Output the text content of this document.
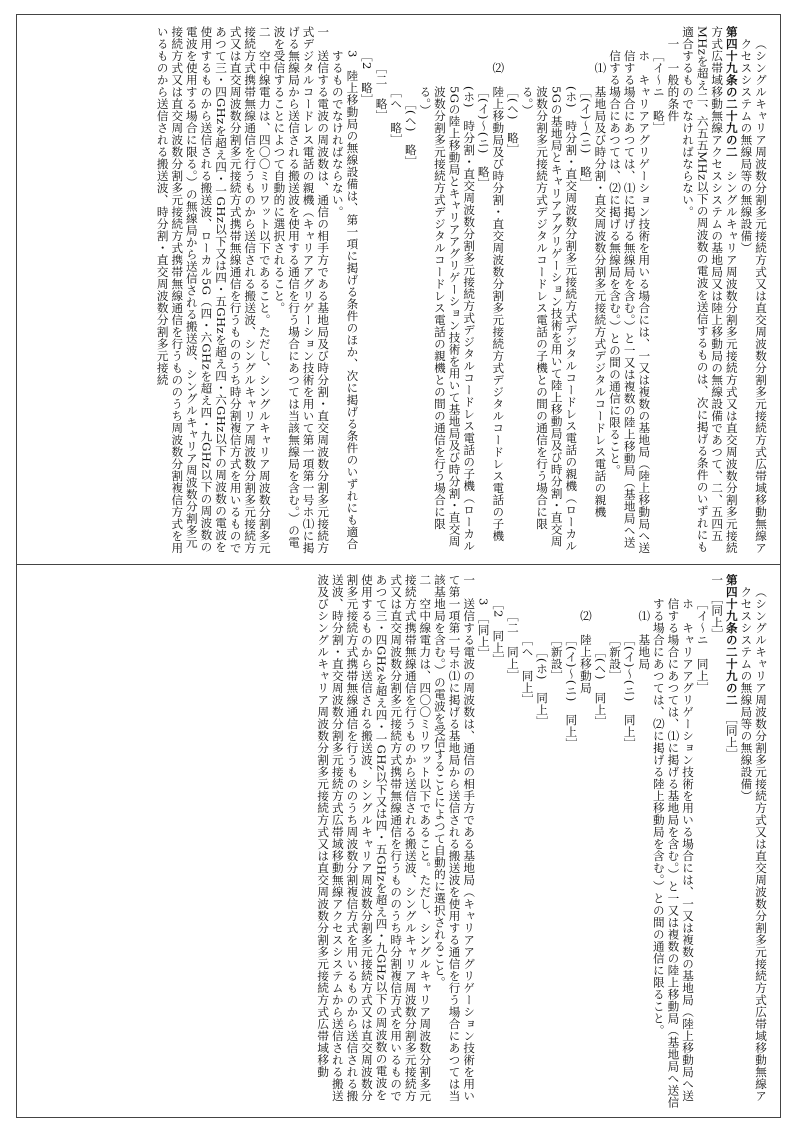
（シングルキャリア周波数分割多元接続方式又は直交周波数分割多元接続方式広帯域移動無線アクセスシステムの無線局等の無線設備）

第四十九条の二十九の二　シングルキャリア周波数分割多元接続方式又は直交周波数分割多元接続方式広帯域移動無線アクセスシステムの基地局又は陸上移動局の無線設備であつて、二、五四五MHzを超え二、六五五MHz以下の周波数の電波を送信するものは、次に掲げる条件のいずれにも適合するものでなければならない。

一　一般的条件

［イ～ニ　略］

ホ　キャリアアグリゲーション技術を用いる場合には、一又は複数の基地局（陸上移動局へ送信する場合にあつては、⑴に掲げる無線局を含む。）と一又は複数の陸上移動局（基地局へ送信する場合にあつては、⑵に掲げる無線局を含む。）との間の通信に限ること。

⑴　基地局及び時分割・直交周波数分割多元接続方式デジタルコードレス電話の親機

［(イ)～(ニ)　略］

(ホ)　時分割・直交周波数分割多元接続方式デジタルコードレス電話の親機（ローカル5Gの基地局とキャリアアグリゲーション技術を用いて陸上移動局及び時分割・直交周波数分割多元接続方式デジタルコードレス電話の子機との間の通信を行う場合に限る。）

［(ヘ)　略］

⑵　陸上移動局及び時分割・直交周波数分割多元接続方式デジタルコードレス電話の子機

［(イ)～(ニ)　略］

(ホ)　時分割・直交周波数分割多元接続方式デジタルコードレス電話の子機（ローカル5Gの陸上移動局とキャリアアグリゲーション技術を用いて基地局及び時分割・直交周波数分割多元接続方式デジタルコードレス電話の親機との間の通信を行う場合に限る。）

［(ヘ)　略］

［ヘ　略］

［二　略］

［2　略］

3　陸上移動局の無線設備は、第一項に掲げる条件のほか、次に掲げる条件のいずれにも適合するものでなければならない。

一　送信する電波の周波数は、通信の相手方である基地局及び時分割・直交周波数分割多元接続方式デジタルコードレス電話の親機（キャリアアグリゲーション技術を用いて第一項第一号ホ⑴に掲げる無線局から送信される搬送波を使用する通信を行う場合にあつては当該無線局を含む。）の電波を受信することによつて自動的に選択されること。

二　空中線電力は、四〇〇ミリワット以下であること。ただし、シングルキャリア周波数分割多元接続方式携帯無線通信を行うものから送信される搬送波、シングルキャリア周波数分割多元接続方式又は直交周波数分割多元接続方式携帯無線通信を行うもののうち時分割複信方式を用いるものであつて三・四GHzを超え四・一GHz以下又は四・五GHzを超え四・六GHz以下の周波数の電波を使用するものから送信される搬送波、ローカル5G（四・六GHzを超え四・九GHz以下の周波数の電波を使用する場合に限る。）の無線局から送信される搬送波、シングルキャリア周波数分割多元接続方式又は直交周波数分割多元接続方式携帯無線通信を行うもののうち周波数分割複信方式を用いるものから送信される搬送波、時分割・直交周波数分割多元接続

（シングルキャリア周波数分割多元接続方式又は直交周波数分割多元接続方式広帯域移動無線アクセスシステムの無線局等の無線設備）

第四十九条の二十九の二　［同上］

一　［同上］

［イ～ニ　同上］

ホ　キャリアアグリゲーション技術を用いる場合には、一又は複数の基地局（陸上移動局へ送信する場合にあつては、⑴に掲げる基地局を含む。）と一又は複数の陸上移動局（基地局へ送信する場合にあつては、⑵に掲げる陸上移動局を含む。）との間の通信に限ること。

⑴　基地局

［(イ)～(ニ)　同上］

［新設］

［(ヘ)　同上］

⑵　陸上移動局

［(イ)～(ニ)　同上］

［新設］

［(ホ)　同上］

［ヘ　同上］

［二　同上］

［2　同上］

3　［同上］

一　送信する電波の周波数は、通信の相手方である基地局（キャリアアグリゲーション技術を用いて第一項第一号ホ⑴に掲げる基地局から送信される搬送波を使用する通信を行う場合にあつては当該基地局を含む。）の電波を受信することによつて自動的に選択されること。

二　空中線電力は、四〇〇ミリワット以下であること。ただし、シングルキャリア周波数分割多元接続方式携帯無線通信を行うものから送信される搬送波、シングルキャリア周波数分割多元接続方式又は直交周波数分割多元接続方式携帯無線通信を行うもののうち時分割複信方式を用いるものであつて三・四GHzを超え四・一GHz以下又は四・五GHzを超え四・九GHz以下の周波数の電波を使用するものから送信される搬送波、シングルキャリア周波数分割多元接続方式又は直交周波数分割多元接続方式携帯無線通信を行うもののうち周波数分割複信方式を用いるものから送信される搬送波、時分割・直交周波数分割多元接続方式広帯域移動無線アクセスシステムから送信される搬送波及びシングルキャリア周波数分割多元接続方式又は直交周波数分割多元接続方式広帯域移動
